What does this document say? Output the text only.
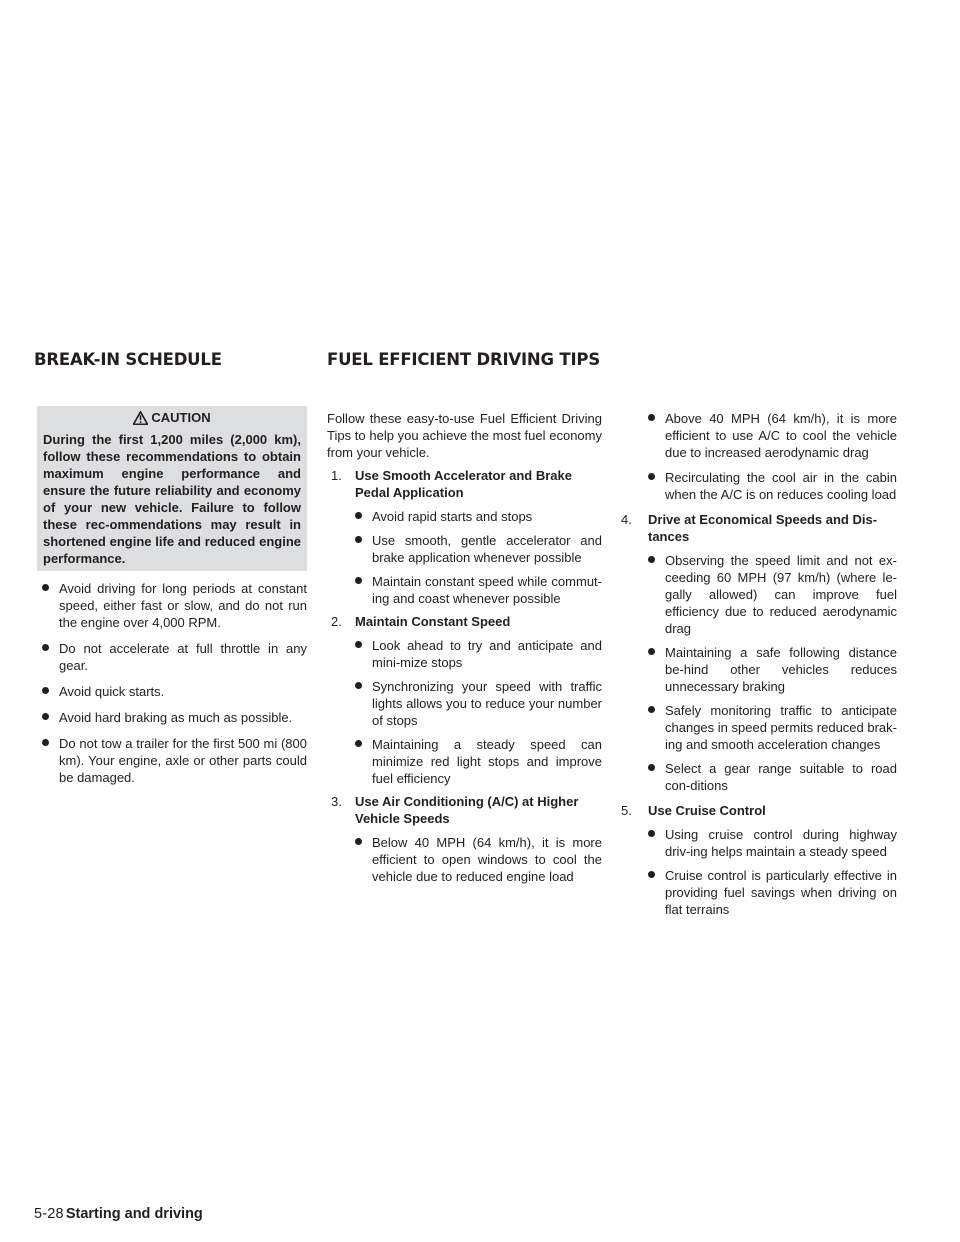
BREAK-IN SCHEDULE	FUEL EFFICIENT DRIVING TIPS
CAUTION
During the first 1,200 miles (2,000 km), follow these recommendations to obtain maximum engine performance and ensure the future reliability and economy of your new vehicle. Failure to follow these rec-ommendations may result in shortened engine life and reduced engine performance.
Avoid driving for long periods at constant speed, either fast or slow, and do not run the engine over 4,000 RPM.
Do not accelerate at full throttle in any gear.
Avoid quick starts.
Avoid hard braking as much as possible.
Do not tow a trailer for the first 500 mi (800 km). Your engine, axle or other parts could be damaged.

Follow these easy-to-use Fuel Efficient Driving Tips to help you achieve the most fuel economy from your vehicle.

1. Use Smooth Accelerator and Brake Pedal Application
Avoid rapid starts and stops
Use smooth, gentle accelerator and brake application whenever possible
Maintain constant speed while commut-ing and coast whenever possible
2. Maintain Constant Speed
Look ahead to try and anticipate and mini-mize stops
Synchronizing your speed with traffic lights allows you to reduce your number of stops
Maintaining a steady speed can minimize red light stops and improve fuel efficiency
3. Use Air Conditioning (A/C) at Higher Vehicle Speeds
Below 40 MPH (64 km/h), it is more efficient to open windows to cool the vehicle due to reduced engine load
Above 40 MPH (64 km/h), it is more efficient to use A/C to cool the vehicle due to increased aerodynamic drag
Recirculating the cool air in the cabin when the A/C is on reduces cooling load
4. Drive at Economical Speeds and Dis-tances
Observing the speed limit and not ex-ceeding 60 MPH (97 km/h) (where le-gally allowed) can improve fuel efficiency due to reduced aerodynamic drag
Maintaining a safe following distance be-hind other vehicles reduces unnecessary braking
Safely monitoring traffic to anticipate changes in speed permits reduced brak-ing and smooth acceleration changes
Select a gear range suitable to road con-ditions
5. Use Cruise Control
Using cruise control during highway driv-ing helps maintain a steady speed
Cruise control is particularly effective in providing fuel savings when driving on flat terrains
5-28 Starting and driving
